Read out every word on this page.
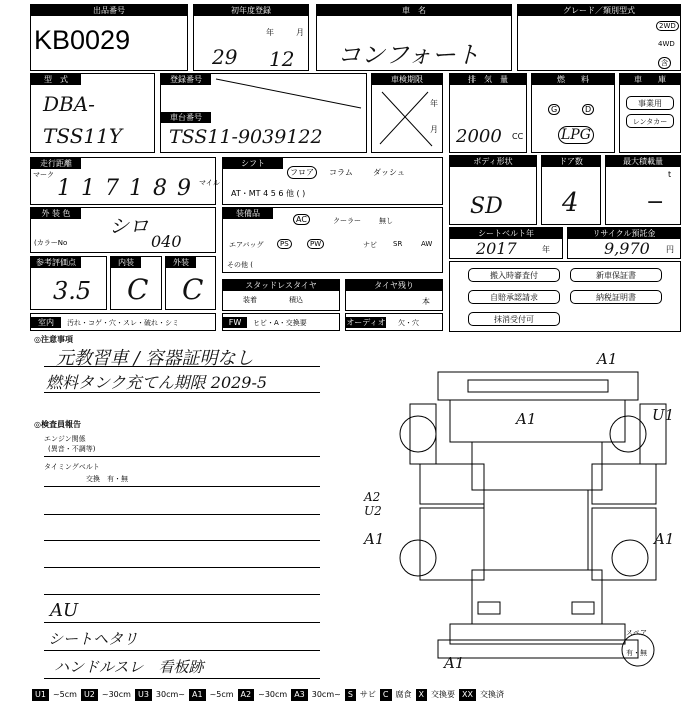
出品番号
KB0029
初年度登録
年	月
29 12
車　名
コンフォート
グレード／類別型式
2WD
4WD
含
型　式
DBA-
TSS11Y
登録番号
車台番号
TSS11-9039122
車検期限
年
月
排　気　量
2000 CC
燃　　料
G	D
LPG
車　　庫
事業用
レンタカー
走行距離
マーク
117189
マイル
シフト
フロア	コラム	ダッシュ
AT・MT 4 5 6 他 ( )
ボディ形状
SD
ドア数
4
最大積載量
t
−
外 装 色
シロ
(カラーNo	040
装備品
AC	クーラー	無し
エアバッグ	PS	PW	ナビ SR	AW
その他 (
シートベルト年
2017	年
リサイクル預託金
9,970 円
参考評価点
3.5
内装
C
外装
C	スタッドレスタイヤ
装着	積込
タイヤ残り
本
搬入時審査付	新車保証書
自賠承認請求	納税証明書
抹消受付可
室内	汚れ・コゲ・穴・スレ・破れ・シミ	FW	ヒビ・A・交換要	オーディオ 欠・穴
◎注意事項
元教習車 / 容器証明なし
燃料タンク充てん期限 2029-5
◎検査員報告
エンジン関係
(異音・不調等)
タイミングベルト
交換　有・無
AU
シートヘタリ
ハンドルスレ　看板跡
A1
A1	U1
A2
U2
A1	A1
A1
スペア
有・無
U1 ~5cm U2 ~30cm U3 30cm~ A1 ~5cm A2 ~30cm A3 30cm~ S サビ C 腐食 X 交換要 XX 交換済
